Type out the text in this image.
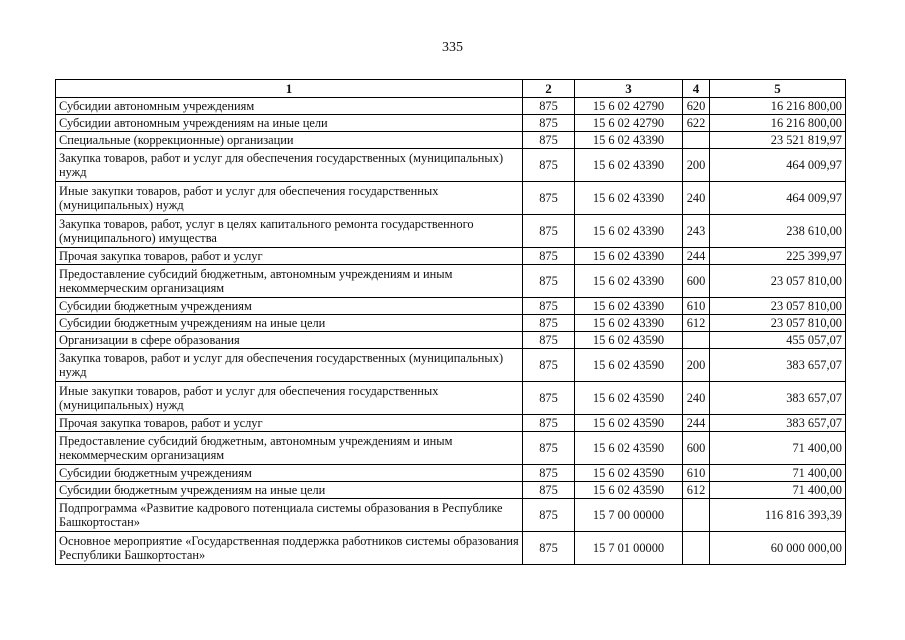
335
1	2	3	4	5
Субсидии автономным учреждениям	875	15 6 02 42790	620	16 216 800,00
Субсидии автономным учреждениям на иные цели	875	15 6 02 42790	622	16 216 800,00
Специальные (коррекционные) организации	875	15 6 02 43390		23 521 819,97
Закупка товаров, работ и услуг для обеспечения государственных (муниципальных) нужд	875	15 6 02 43390	200	464 009,97
Иные закупки товаров, работ и услуг для обеспечения государственных (муниципальных) нужд	875	15 6 02 43390	240	464 009,97
Закупка товаров, работ, услуг в целях капитального ремонта государственного (муниципального) имущества	875	15 6 02 43390	243	238 610,00
Прочая закупка товаров, работ и услуг	875	15 6 02 43390	244	225 399,97
Предоставление субсидий бюджетным, автономным учреждениям и иным некоммерческим организациям	875	15 6 02 43390	600	23 057 810,00
Субсидии бюджетным учреждениям	875	15 6 02 43390	610	23 057 810,00
Субсидии бюджетным учреждениям на иные цели	875	15 6 02 43390	612	23 057 810,00
Организации в сфере образования	875	15 6 02 43590		455 057,07
Закупка товаров, работ и услуг для обеспечения государственных (муниципальных) нужд	875	15 6 02 43590	200	383 657,07
Иные закупки товаров, работ и услуг для обеспечения государственных (муниципальных) нужд	875	15 6 02 43590	240	383 657,07
Прочая закупка товаров, работ и услуг	875	15 6 02 43590	244	383 657,07
Предоставление субсидий бюджетным, автономным учреждениям и иным некоммерческим организациям	875	15 6 02 43590	600	71 400,00
Субсидии бюджетным учреждениям	875	15 6 02 43590	610	71 400,00
Субсидии бюджетным учреждениям на иные цели	875	15 6 02 43590	612	71 400,00
Подпрограмма «Развитие кадрового потенциала системы образования в Республике Башкортостан»	875	15 7 00 00000		116 816 393,39
Основное мероприятие «Государственная поддержка работников системы образования Республики Башкортостан»	875	15 7 01 00000		60 000 000,00
